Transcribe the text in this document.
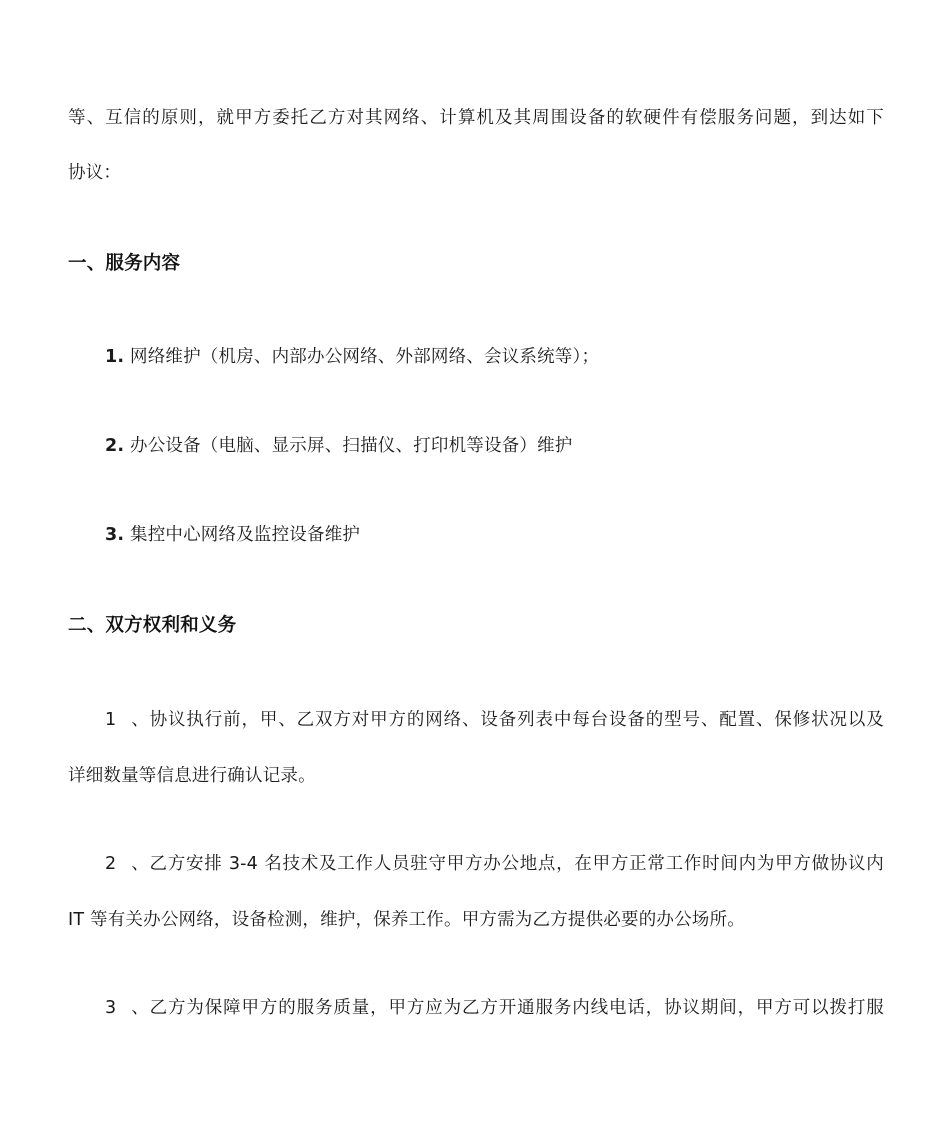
等、互信的原则，就甲方委托乙方对其网络、计算机及其周围设备的软硬件有偿服务问题，到达如下
协议：
一、服务内容
1. 网络维护（机房、内部办公网络、外部网络、会议系统等）；
2. 办公设备（电脑、显示屏、扫描仪、打印机等设备）维护
3. 集控中心网络及监控设备维护
二、双方权利和义务
1、协议执行前，甲、乙双方对甲方的网络、设备列表中每台设备的型号、配置、保修状况以及
详细数量等信息进行确认记录。
2、乙方安排 3-4 名技术及工作人员驻守甲方办公地点，在甲方正常工作时间内为甲方做协议内
IT 等有关办公网络，设备检测，维护，保养工作。甲方需为乙方提供必要的办公场所。
3、乙方为保障甲方的服务质量，甲方应为乙方开通服务内线电话，协议期间，甲方可以拨打服
